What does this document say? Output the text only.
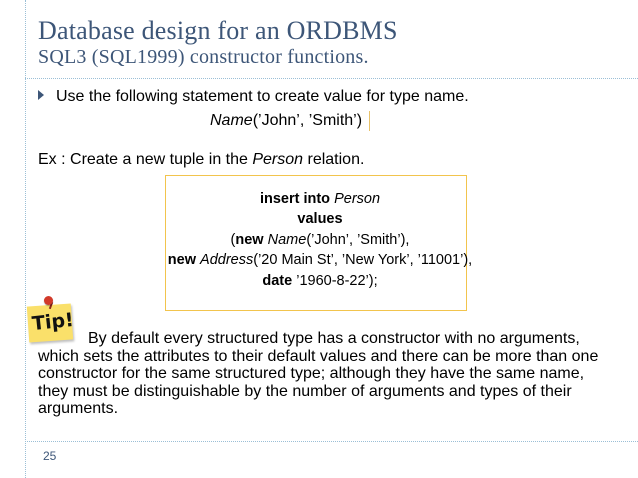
Database design for an ORDBMS
SQL3 (SQL1999) constructor functions.
Use the following statement to create value for type name.
Name(’John’, ’Smith’)
Ex : Create a new tuple in the Person relation.
insert into Person
values
(new Name(’John’, ’Smith’),
new Address(’20 Main St’, ’New York’, ’11001’),
date ’1960-8-22’);
Tip!
By default every structured type has a constructor with no arguments, which sets the attributes to their default values and there can be more than one constructor for the same structured type; although they have the same name, they must be distinguishable by the number of arguments and types of their arguments.
25
